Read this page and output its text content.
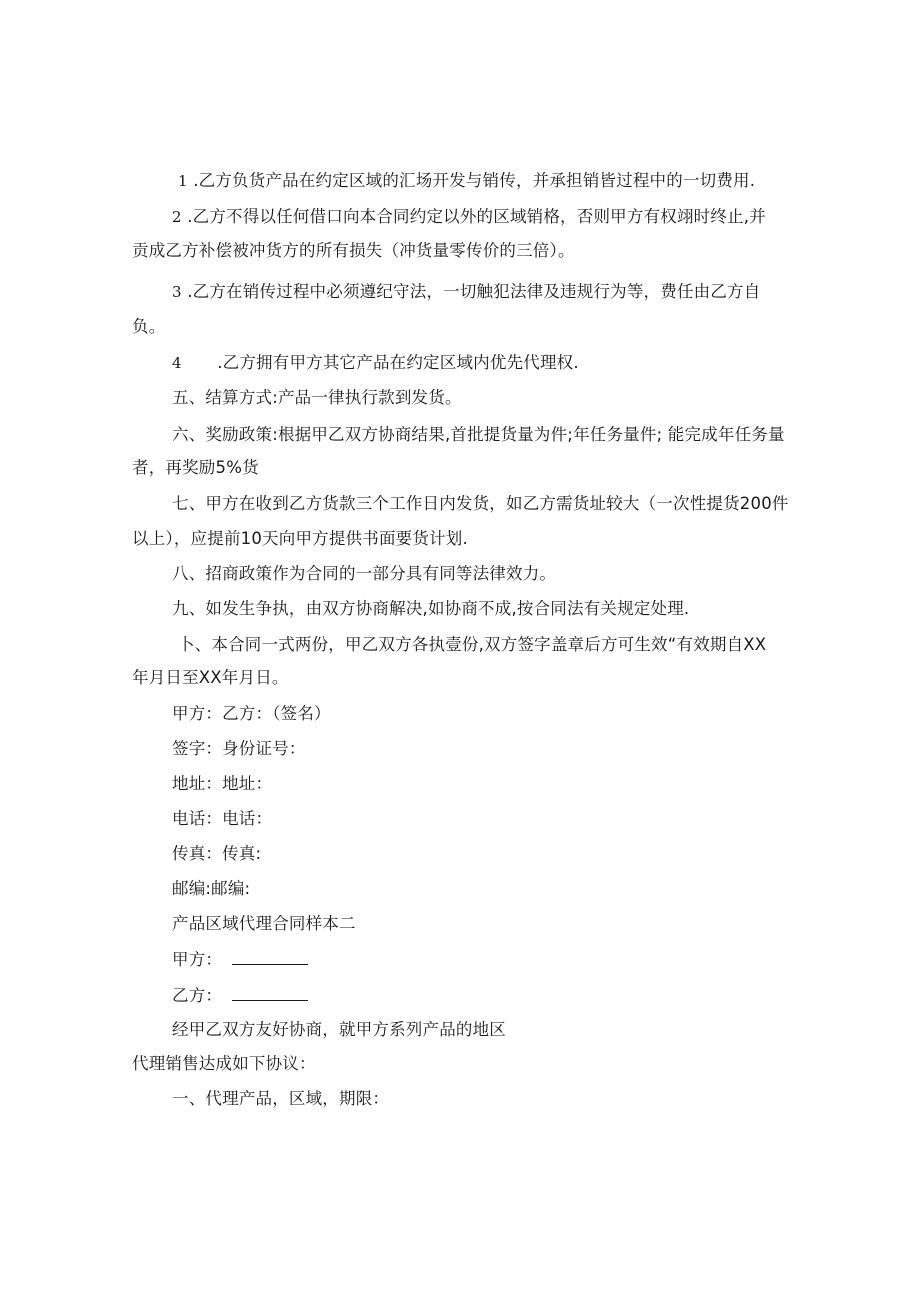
1 .乙方负货产品在约定区域的汇场开发与销传，并承担销皆过程中的一切费用.
2 .乙方不得以任何借口向本合同约定以外的区域销格，否则甲方有权翊时终止,并
贡成乙方补偿被冲货方的所有损失（冲货量零传价的三倍）。
3 .乙方在销传过程中必须遵纪守法，一切触犯法律及违规行为等，费任由乙方自
负。
4 .乙方拥有甲方其它产品在约定区域内优先代理权.
五、结算方式:产品一律执行款到发货。
六、奖励政策:根据甲乙双方协商结果,首批提货量为件;年任务量件; 能完成年任务量
者，再奖励5%货
七、甲方在收到乙方货款三个工作日内发货，如乙方需货址较大（一次性提货200件
以上），应提前10天向甲方提供书面要货计划.
八、招商政策作为合同的一部分具有同等法律效力。
九、如发生争执，由双方协商解决,如协商不成,按合同法有关规定处理.
卜、本合同一式两份，甲乙双方各执壹份,双方签字盖章后方可生效“有效期自XX
年月日至XX年月日。
甲方：乙方：（签名）
签字：身份证号：
地址：地址：
电话：电话：
传真：传真:
邮编:邮编:
产品区域代理合同样本二
甲方：
乙方：
经甲乙双方友好协商，就甲方系列产品的地区
代理销售达成如下协议：
一、代理产品，区域，期限：
